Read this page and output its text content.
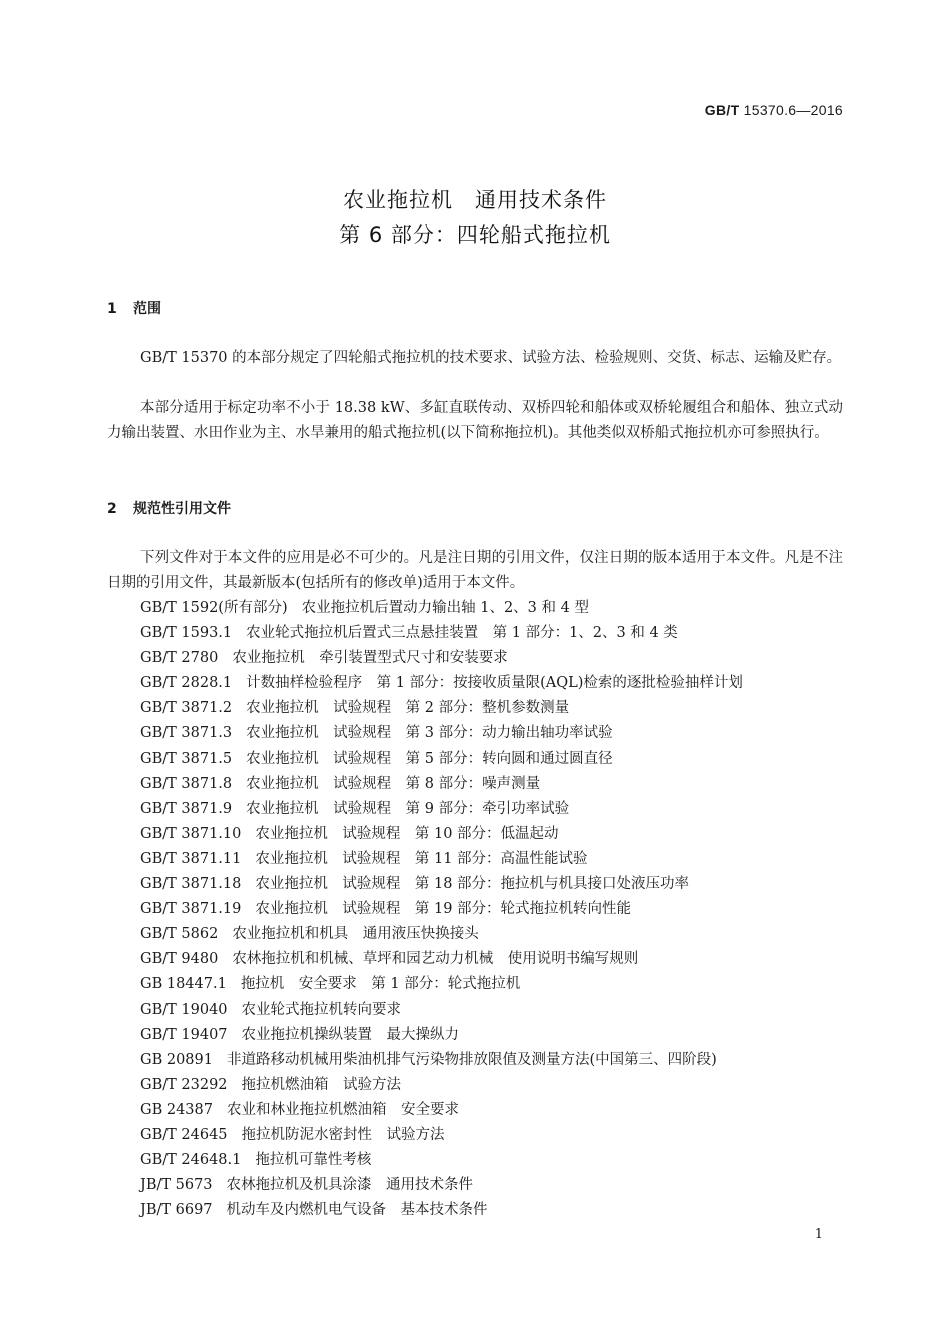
GB/T 15370.6—2016
农业拖拉机　通用技术条件
第 6 部分：四轮船式拖拉机
1 范围

GB/T 15370 的本部分规定了四轮船式拖拉机的技术要求、试验方法、检验规则、交货、标志、运输及贮存。

本部分适用于标定功率不小于 18.38 kW、多缸直联传动、双桥四轮和船体或双桥轮履组合和船体、独立式动力输出装置、水田作业为主、水旱兼用的船式拖拉机(以下简称拖拉机)。其他类似双桥船式拖拉机亦可参照执行。

2 规范性引用文件

下列文件对于本文件的应用是必不可少的。凡是注日期的引用文件，仅注日期的版本适用于本文件。凡是不注日期的引用文件，其最新版本(包括所有的修改单)适用于本文件。

GB/T 1592(所有部分) 农业拖拉机后置动力输出轴 1、2、3 和 4 型
GB/T 1593.1 农业轮式拖拉机后置式三点悬挂装置　第 1 部分：1、2、3 和 4 类
GB/T 2780 农业拖拉机　牵引装置型式尺寸和安装要求
GB/T 2828.1 计数抽样检验程序　第 1 部分：按接收质量限(AQL)检索的逐批检验抽样计划
GB/T 3871.2 农业拖拉机　试验规程　第 2 部分：整机参数测量
GB/T 3871.3 农业拖拉机　试验规程　第 3 部分：动力输出轴功率试验
GB/T 3871.5 农业拖拉机　试验规程　第 5 部分：转向圆和通过圆直径
GB/T 3871.8 农业拖拉机　试验规程　第 8 部分：噪声测量
GB/T 3871.9 农业拖拉机　试验规程　第 9 部分：牵引功率试验
GB/T 3871.10 农业拖拉机　试验规程　第 10 部分：低温起动
GB/T 3871.11 农业拖拉机　试验规程　第 11 部分：高温性能试验
GB/T 3871.18 农业拖拉机　试验规程　第 18 部分：拖拉机与机具接口处液压功率
GB/T 3871.19 农业拖拉机　试验规程　第 19 部分：轮式拖拉机转向性能
GB/T 5862 农业拖拉机和机具　通用液压快换接头
GB/T 9480 农林拖拉机和机械、草坪和园艺动力机械　使用说明书编写规则
GB 18447.1 拖拉机　安全要求　第 1 部分：轮式拖拉机
GB/T 19040 农业轮式拖拉机转向要求
GB/T 19407 农业拖拉机操纵装置　最大操纵力
GB 20891 非道路移动机械用柴油机排气污染物排放限值及测量方法(中国第三、四阶段)
GB/T 23292 拖拉机燃油箱　试验方法
GB 24387 农业和林业拖拉机燃油箱　安全要求
GB/T 24645 拖拉机防泥水密封性　试验方法
GB/T 24648.1 拖拉机可靠性考核
JB/T 5673 农林拖拉机及机具涂漆　通用技术条件
JB/T 6697 机动车及内燃机电气设备　基本技术条件
1
